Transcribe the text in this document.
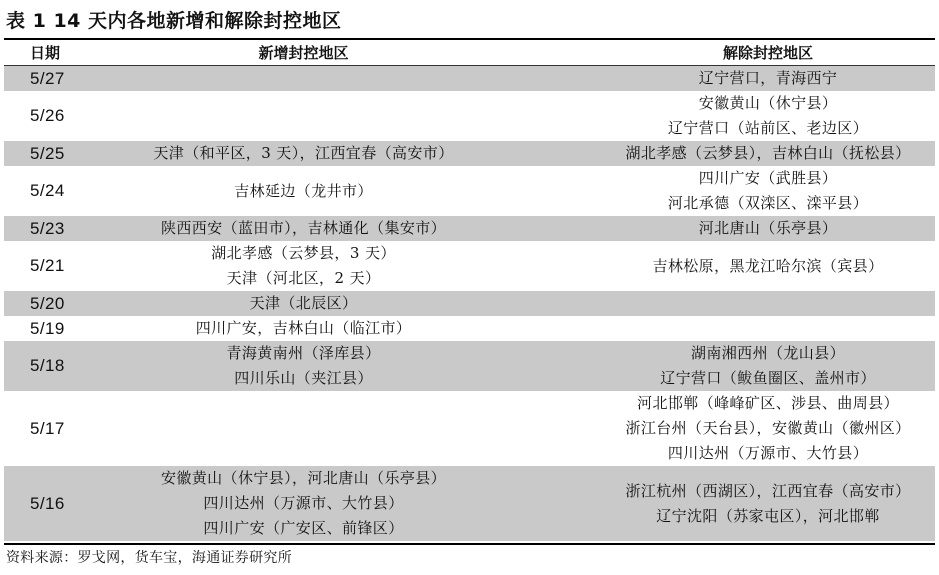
表 1 14 天内各地新增和解除封控地区
日期	新增封控地区	解除封控地区
5/27		辽宁营口，青海西宁

5/26		安徽黄山（休宁县）
辽宁营口（站前区、老边区）

5/25	天津（和平区，3 天），江西宜春（高安市）	湖北孝感（云梦县），吉林白山（抚松县）

5/24	吉林延边（龙井市）	四川广安（武胜县）
河北承德（双滦区、滦平县）

5/23	陕西西安（蓝田市），吉林通化（集安市）	河北唐山（乐亭县）

5/21	湖北孝感（云梦县，3 天）
天津（河北区，2 天）	吉林松原，黑龙江哈尔滨（宾县）

5/20	天津（北辰区）	

5/19	四川广安，吉林白山（临江市）	

5/18	青海黄南州（泽库县）
四川乐山（夹江县）	湖南湘西州（龙山县）
辽宁营口（鲅鱼圈区、盖州市）

5/17		河北邯郸（峰峰矿区、涉县、曲周县）
浙江台州（天台县），安徽黄山（徽州区）
四川达州（万源市、大竹县）

5/16	安徽黄山（休宁县），河北唐山（乐亭县）
四川达州（万源市、大竹县）
四川广安（广安区、前锋区）	浙江杭州（西湖区），江西宜春（高安市）
辽宁沈阳（苏家屯区），河北邯郸
资料来源：罗戈网，货车宝，海通证券研究所
